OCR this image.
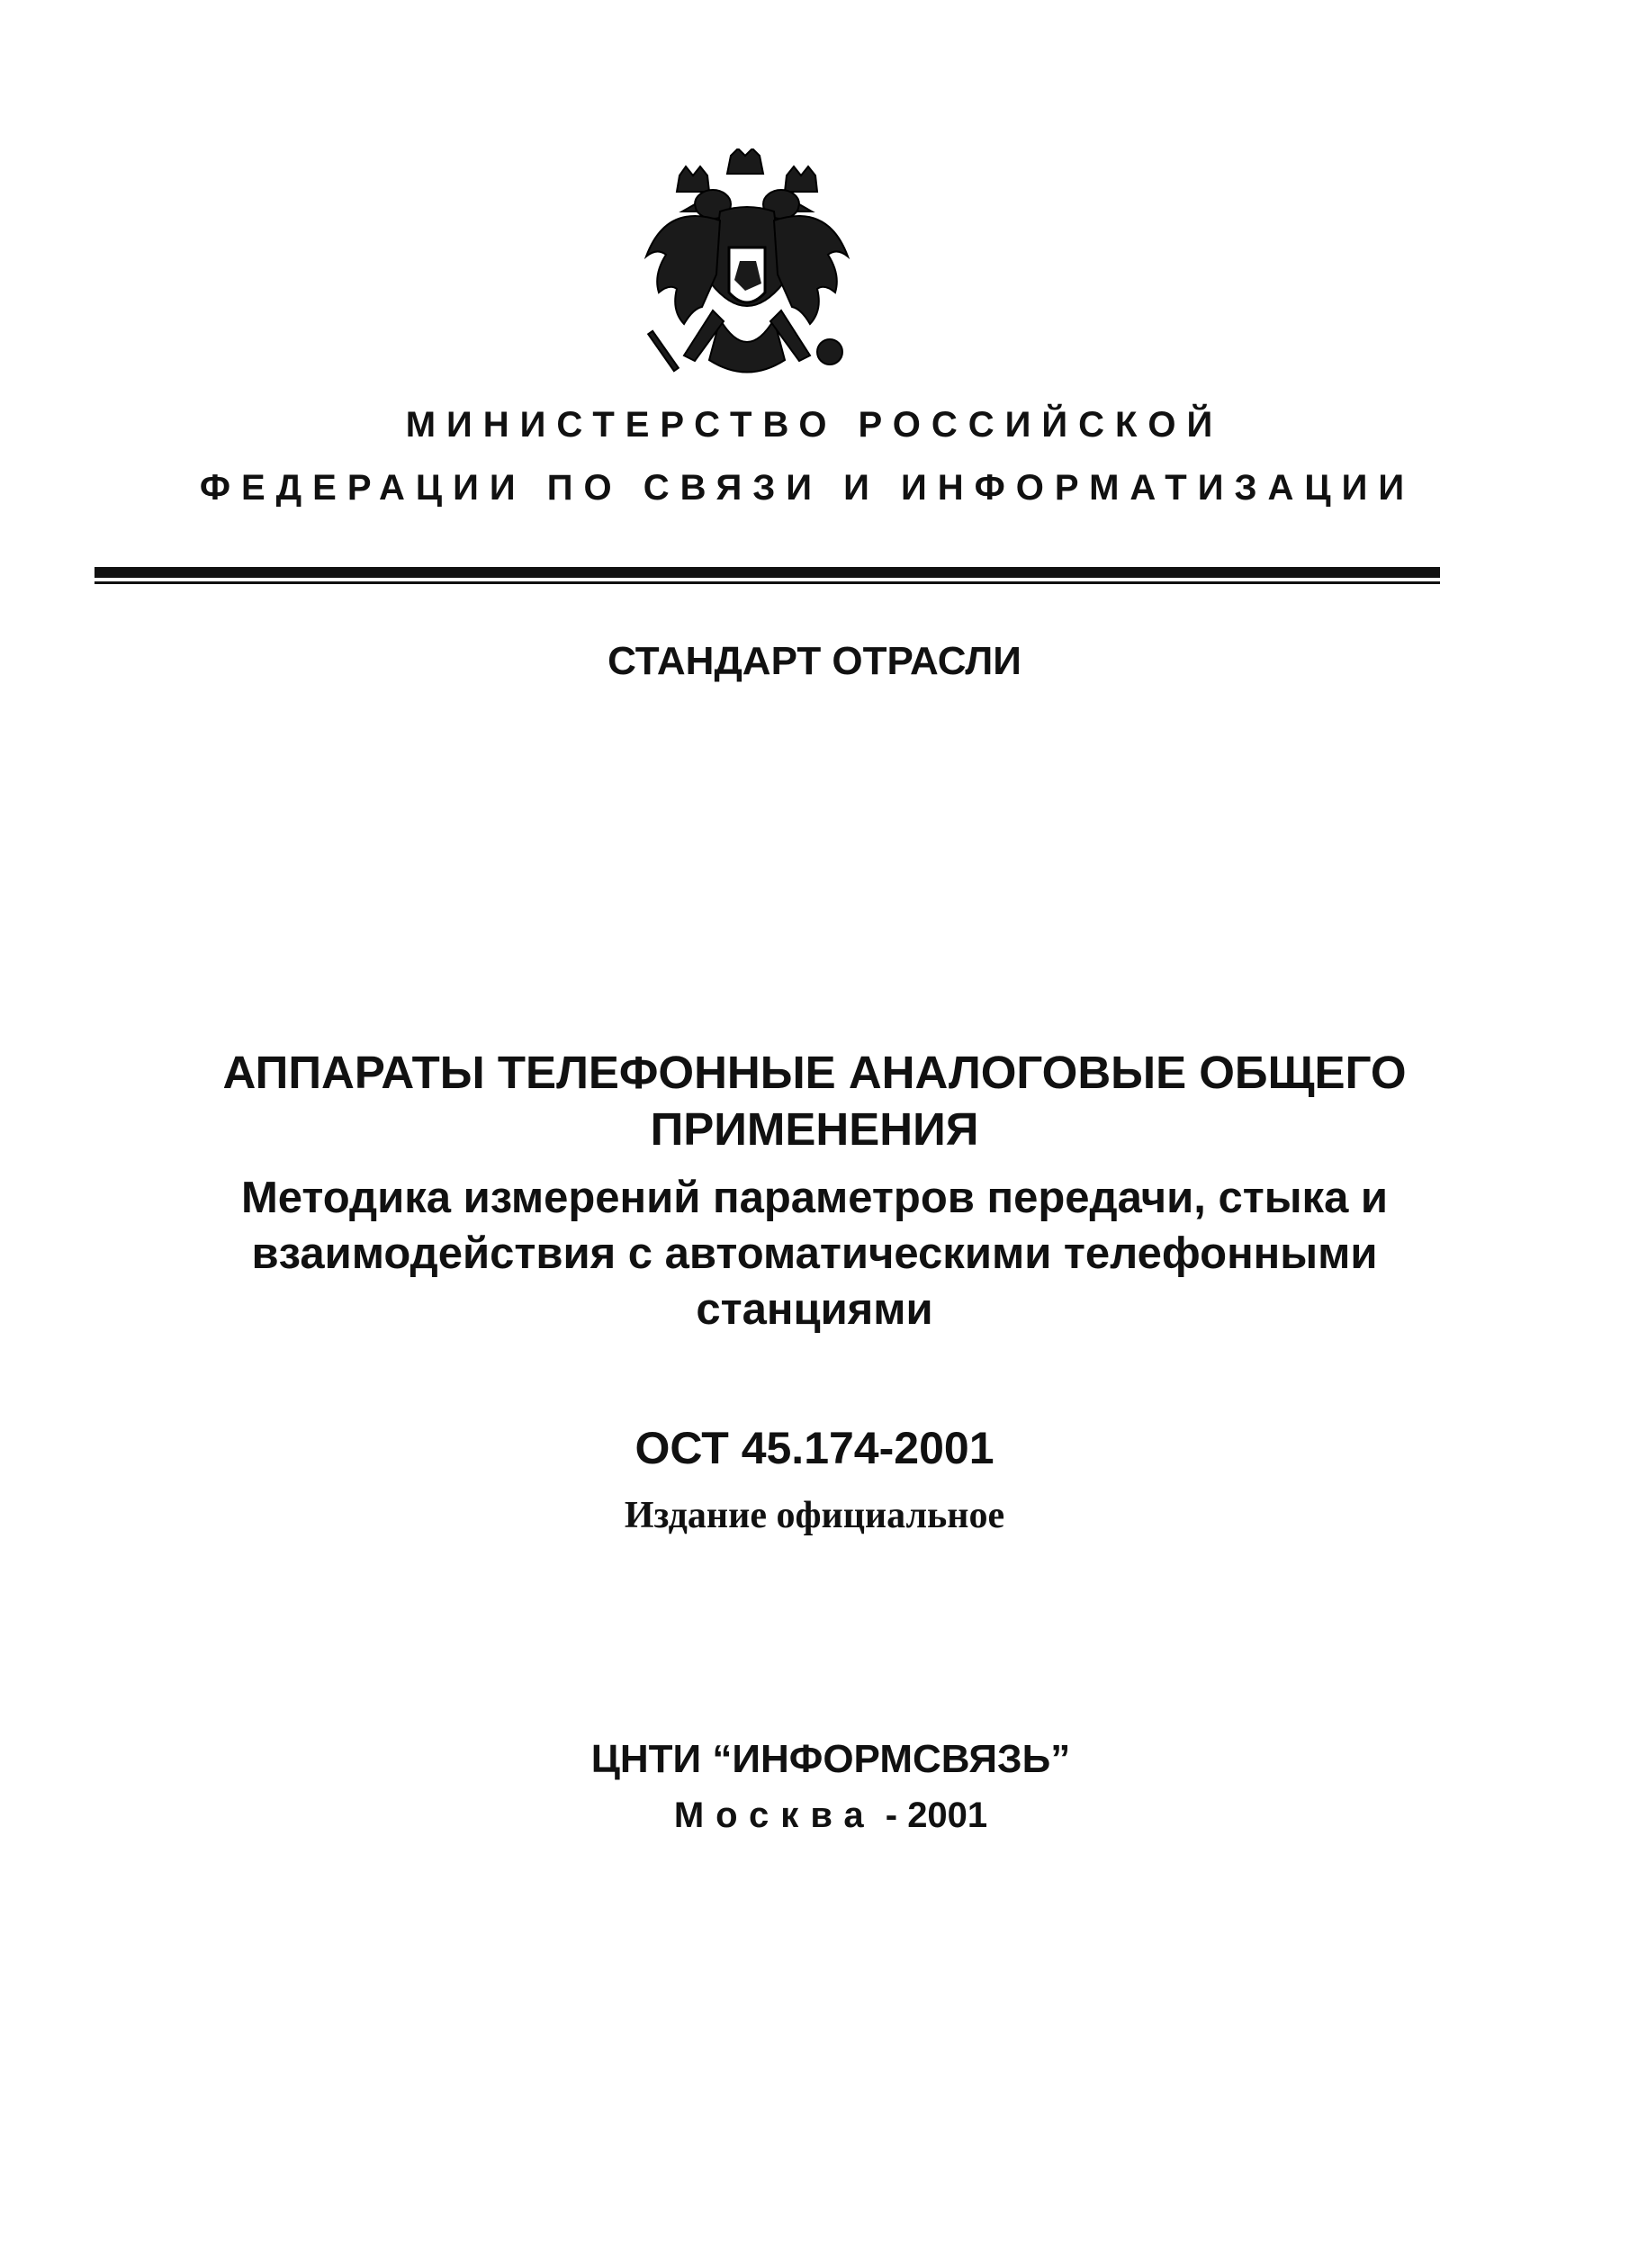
МИНИСТЕРСТВО РОССИЙСКОЙ
ФЕДЕРАЦИИ ПО СВЯЗИ И ИНФОРМАТИЗАЦИИ
СТАНДАРТ ОТРАСЛИ
АППАРАТЫ ТЕЛЕФОННЫЕ АНАЛОГОВЫЕ ОБЩЕГО
ПРИМЕНЕНИЯ
Методика измерений параметров передачи, стыка и
взаимодействия с автоматическими телефонными
станциями
ОСТ 45.174-2001
Издание официальное
ЦНТИ “ИНФОРМСВЯЗЬ”
Москва - 2001
